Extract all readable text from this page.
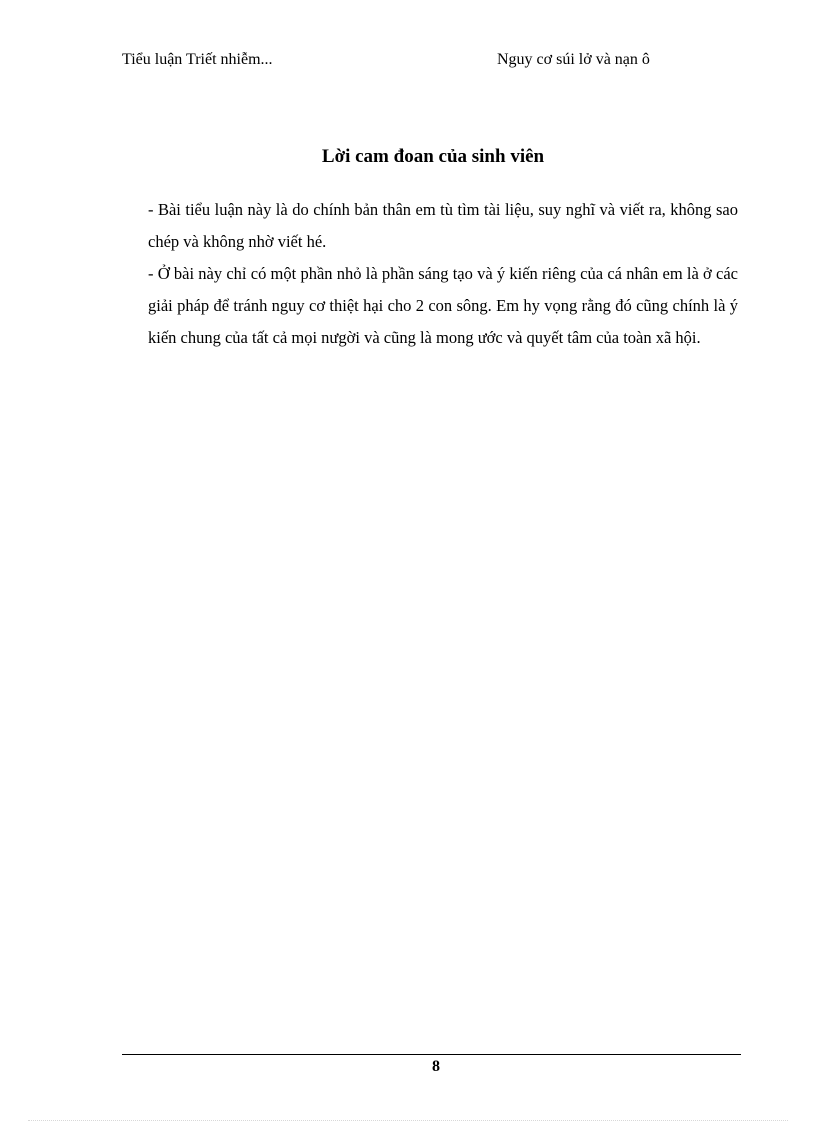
Tiểu luận Triết nhiễm...	Nguy cơ súi lở và nạn ô
Lời cam đoan của sinh viên

- Bài tiểu luận này là do chính bản thân em tù tìm tài liệu, suy nghĩ và viết ra, không sao chép và không nhờ viết hé.

- Ở bài này chỉ có một phần nhỏ là phần sáng tạo và ý kiến riêng của cá nhân em là ở các giải pháp để tránh nguy cơ thiệt hại cho 2 con sông. Em hy vọng rằng đó cũng chính là ý kiến chung của tất cả mọi nưgời và cũng là mong ước và quyết tâm của toàn xã hội.

8
